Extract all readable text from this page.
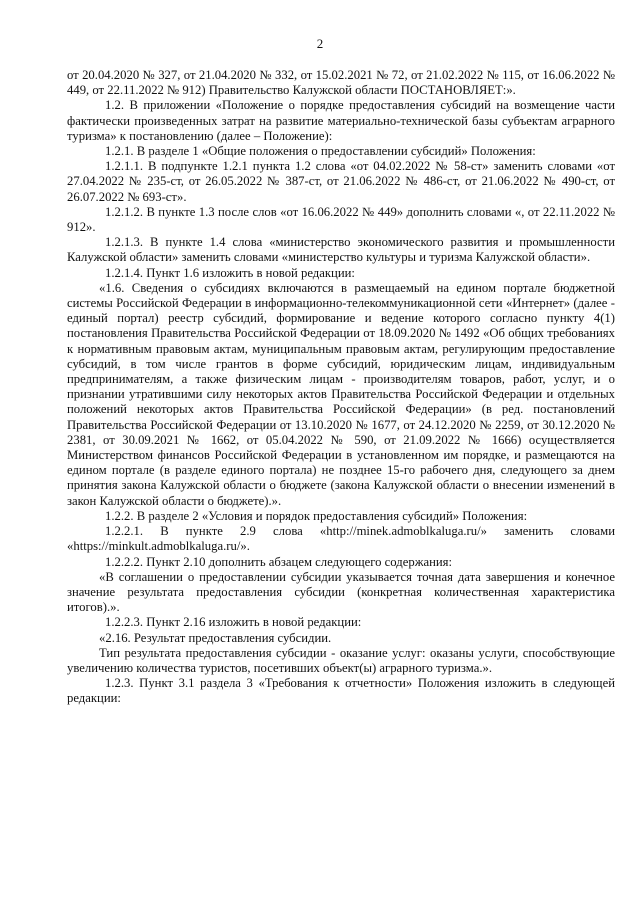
2

от 20.04.2020 № 327, от 21.04.2020 № 332, от 15.02.2021 № 72, от 21.02.2022 № 115, от 16.06.2022 № 449, от 22.11.2022 № 912) Правительство Калужской области ПОСТАНОВЛЯЕТ:».

1.2. В приложении «Положение о порядке предоставления субсидий на возмещение части фактически произведенных затрат на развитие материально-технической базы субъектам аграрного туризма» к постановлению (далее – Положение):

1.2.1. В разделе 1 «Общие положения о предоставлении субсидий» Положения:

1.2.1.1. В подпункте 1.2.1 пункта 1.2 слова «от 04.02.2022 № 58-ст» заменить словами «от 27.04.2022 № 235-ст, от 26.05.2022 № 387-ст, от 21.06.2022 № 486-ст, от 21.06.2022 № 490-ст, от 26.07.2022 № 693-ст».

1.2.1.2. В пункте 1.3 после слов «от 16.06.2022 № 449» дополнить словами «, от 22.11.2022 № 912».

1.2.1.3. В пункте 1.4 слова «министерство экономического развития и промышленности Калужской области» заменить словами «министерство культуры и туризма Калужской области».

1.2.1.4. Пункт 1.6 изложить в новой редакции:

«1.6. Сведения о субсидиях включаются в размещаемый на едином портале бюджетной системы Российской Федерации в информационно-телекоммуникационной сети «Интернет» (далее - единый портал) реестр субсидий, формирование и ведение которого согласно пункту 4(1) постановления Правительства Российской Федерации от 18.09.2020 № 1492 «Об общих требованиях к нормативным правовым актам, муниципальным правовым актам, регулирующим предоставление субсидий, в том числе грантов в форме субсидий, юридическим лицам, индивидуальным предпринимателям, а также физическим лицам - производителям товаров, работ, услуг, и о признании утратившими силу некоторых актов Правительства Российской Федерации и отдельных положений некоторых актов Правительства Российской Федерации» (в ред. постановлений Правительства Российской Федерации от 13.10.2020 № 1677, от 24.12.2020 № 2259, от 30.12.2020 № 2381, от 30.09.2021 № 1662, от 05.04.2022 № 590, от 21.09.2022 № 1666) осуществляется Министерством финансов Российской Федерации в установленном им порядке, и размещаются на едином портале (в разделе единого портала) не позднее 15-го рабочего дня, следующего за днем принятия закона Калужской области о бюджете (закона Калужской области о внесении изменений в закон Калужской области о бюджете).».

1.2.2. В разделе 2 «Условия и порядок предоставления субсидий» Положения:

1.2.2.1. В пункте 2.9 слова «http://minek.admoblkaluga.ru/» заменить словами «https://minkult.admoblkaluga.ru/».

1.2.2.2. Пункт 2.10 дополнить абзацем следующего содержания:

«В соглашении о предоставлении субсидии указывается точная дата завершения и конечное значение результата предоставления субсидии (конкретная количественная характеристика итогов).».

1.2.2.3. Пункт 2.16 изложить в новой редакции:

«2.16. Результат предоставления субсидии.

Тип результата предоставления субсидии - оказание услуг: оказаны услуги, способствующие увеличению количества туристов, посетивших объект(ы) аграрного туризма.».

1.2.3. Пункт 3.1 раздела 3 «Требования к отчетности» Положения изложить в следующей редакции:
